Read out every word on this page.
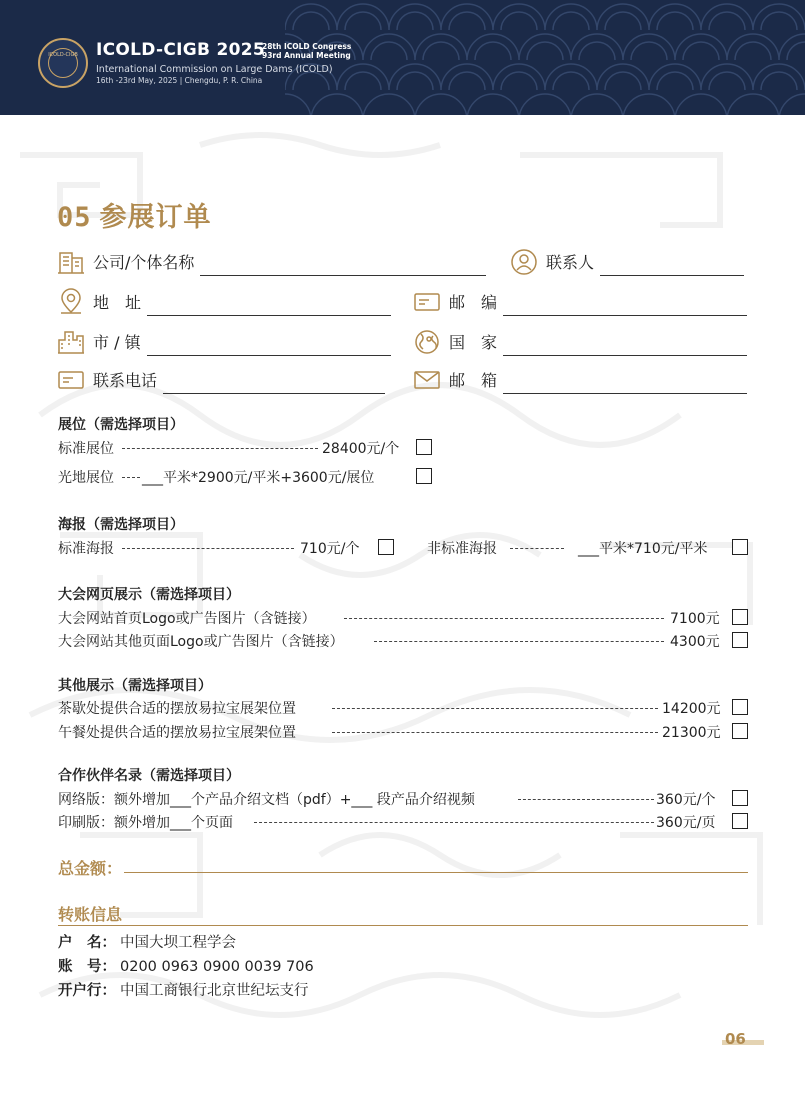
ICOLD-CIGB	ICOLD-CIGB 2025
28th ICOLD Congress
93rd Annual Meeting
International Commission on Large Dams (ICOLD)
16th -23rd May, 2025 | Chengdu, P. R. China
05 参展订单
公司/个体名称	联系人
地　址	邮　编
市 / 镇	国　家
联系电话	邮　箱
展位（需选择项目）
标准展位	28400元/个
光地展位 ___平米*2900元/平米+3600元/展位
海报（需选择项目）
标准海报	710元/个	非标准海报	___平米*710元/平米
大会网页展示（需选择项目）
大会网站首页Logo或广告图片（含链接）	7100元
大会网站其他页面Logo或广告图片（含链接）	4300元
其他展示（需选择项目）
茶歇处提供合适的摆放易拉宝展架位置	14200元
午餐处提供合适的摆放易拉宝展架位置	21300元
合作伙伴名录（需选择项目）
网络版：额外增加___个产品介绍文档（pdf）+___ 段产品介绍视频	360元/个
印刷版：额外增加___个页面	360元/页
总金额：
转账信息
户　名： 中国大坝工程学会
账　号： 0200 0963 0900 0039 706
开户行： 中国工商银行北京世纪坛支行
06
